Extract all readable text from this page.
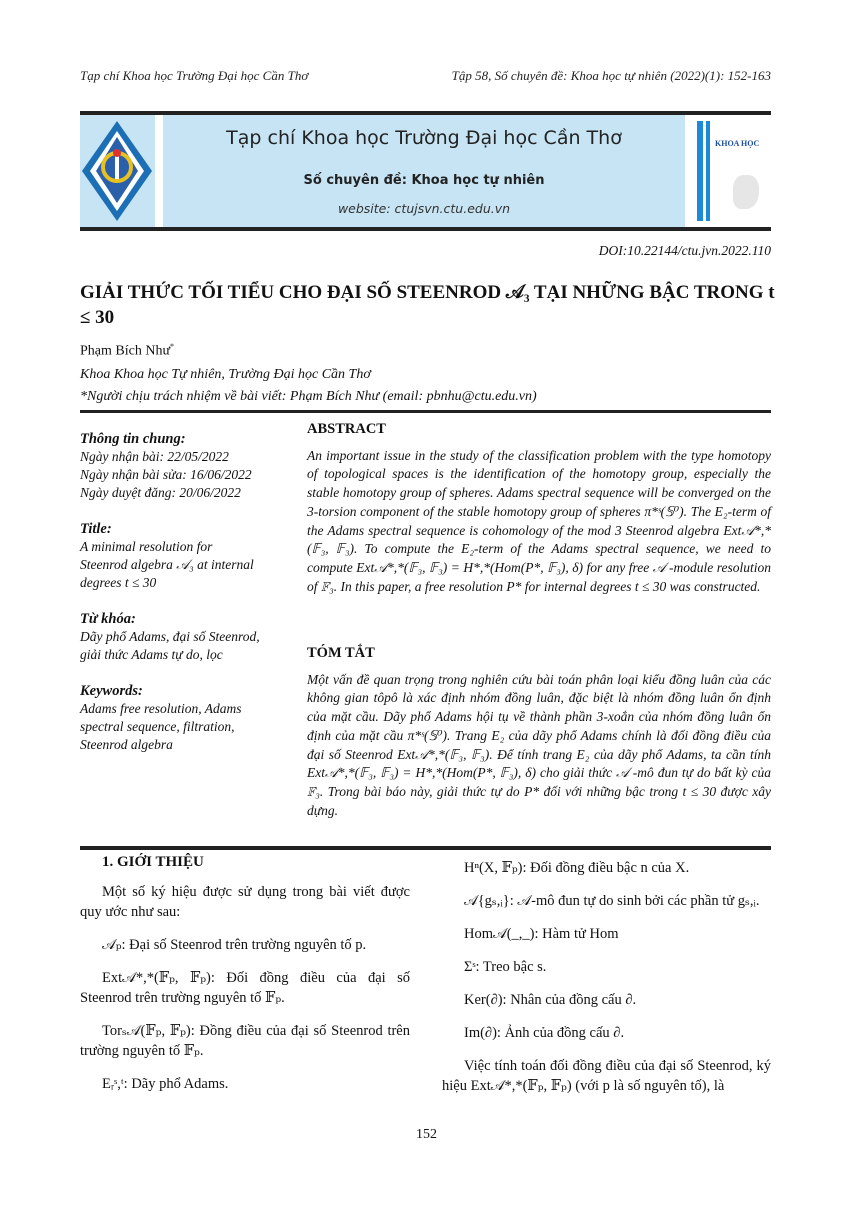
Tạp chí Khoa học Trường Đại học Cần Thơ	Tập 58, Số chuyên đề: Khoa học tự nhiên (2022)(1): 152-163
Tạp chí Khoa học Trường Đại học Cần Thơ
Số chuyên đề: Khoa học tự nhiên
website: ctujsvn.ctu.edu.vn
KHOA HỌC
DOI:10.22144/ctu.jvn.2022.110
GIẢI THỨC TỐI TIỂU CHO ĐẠI SỐ STEENROD 𝒜₃ TẠI NHỮNG BẬC TRONG t ≤ 30
Phạm Bích Như*
Khoa Khoa học Tự nhiên, Trường Đại học Cần Thơ
*Người chịu trách nhiệm về bài viết: Phạm Bích Như (email: pbnhu@ctu.edu.vn)
Thông tin chung:
Ngày nhận bài: 22/05/2022
Ngày nhận bài sửa: 16/06/2022
Ngày duyệt đăng: 20/06/2022
Title:
A minimal resolution for Steenrod algebra 𝒜₃ at internal degrees t ≤ 30
Từ khóa:
Dãy phổ Adams, đại số Steenrod, giải thức Adams tự do, lọc
Keywords:
Adams free resolution, Adams spectral sequence, filtration, Steenrod algebra
ABSTRACT
An important issue in the study of the classification problem with the type homotopy of topological spaces is the identification of the homotopy group, especially the stable homotopy group of spheres. Adams spectral sequence will be converged on the 3-torsion component of the stable homotopy group of spheres π*ˢ(𝕊⁰). The E₂-term of the Adams spectral sequence is cohomology of the mod 3 Steenrod algebra Ext𝒜*,*(𝔽₃, 𝔽₃). To compute the E₂-term of the Adams spectral sequence, we need to compute Ext𝒜*,*(𝔽₃, 𝔽₃) = H*,*(Hom(P*, 𝔽₃), δ) for any free 𝒜 -module resolution of 𝔽₃. In this paper, a free resolution P* for internal degrees t ≤ 30 was constructed.
TÓM TẮT
Một vấn đề quan trọng trong nghiên cứu bài toán phân loại kiểu đồng luân của các không gian tôpô là xác định nhóm đồng luân, đặc biệt là nhóm đồng luân ổn định của mặt cầu. Dãy phổ Adams hội tụ về thành phần 3-xoắn của nhóm đồng luân ổn định của mặt cầu π*ˢ(𝕊⁰). Trang E₂ của dãy phổ Adams chính là đối đồng điều của đại số Steenrod Ext𝒜*,*(𝔽₃, 𝔽₃). Để tính trang E₂ của dãy phổ Adams, ta cần tính Ext𝒜*,*(𝔽₃, 𝔽₃) = H*,*(Hom(P*, 𝔽₃), δ) cho giải thức 𝒜 -mô đun tự do bất kỳ của 𝔽₃. Trong bài báo này, giải thức tự do P* đối với những bậc trong t ≤ 30 được xây dựng.
1. GIỚI THIỆU

Một số ký hiệu được sử dụng trong bài viết được quy ước như sau:

𝒜ₚ: Đại số Steenrod trên trường nguyên tố p.

Ext𝒜*,*(𝔽ₚ, 𝔽ₚ): Đối đồng điều của đại số Steenrod trên trường nguyên tố 𝔽ₚ.

Torₛ𝒜(𝔽ₚ, 𝔽ₚ): Đồng điều của đại số Steenrod trên trường nguyên tố 𝔽ₚ.

Eᵣˢ,ᵗ: Dãy phổ Adams.

Hⁿ(X, 𝔽ₚ): Đối đồng điều bậc n của X.

𝒜{gₛ,ᵢ}: 𝒜-mô đun tự do sinh bởi các phần tử gₛ,ᵢ.

Hom𝒜(_,_): Hàm tử Hom

Σˢ: Treo bậc s.

Ker(∂): Nhân của đồng cấu ∂.

Im(∂): Ảnh của đồng cấu ∂.

Việc tính toán đối đồng điều của đại số Steenrod, ký hiệu Ext𝒜*,*(𝔽ₚ, 𝔽ₚ) (với p là số nguyên tố), là

152
